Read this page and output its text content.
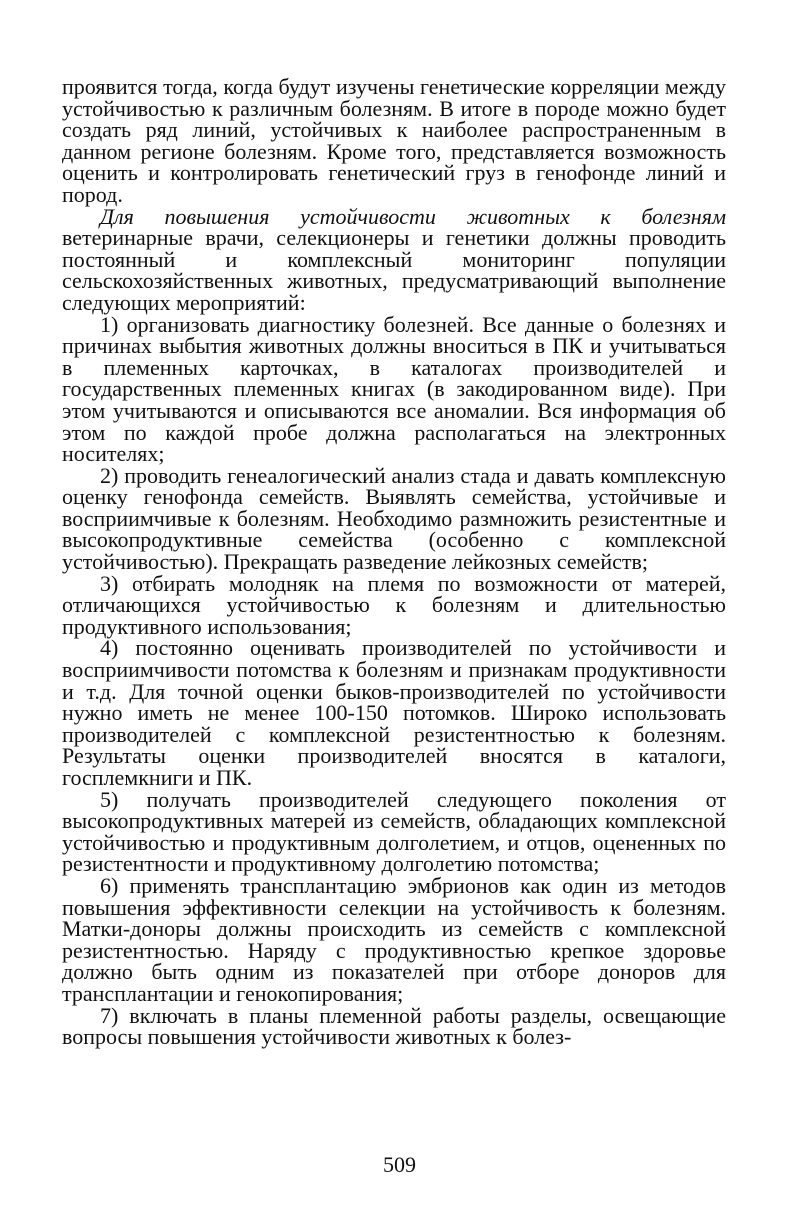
проявится тогда, когда будут изучены генетические корреляции между устойчивостью к различным болезням. В итоге в породе можно будет создать ряд линий, устойчивых к наиболее распространенным в данном регионе болезням. Кроме того, представляется возможность оценить и контролировать генетический груз в генофонде линий и пород.

Для повышения устойчивости животных к болезням ветеринарные врачи, селекционеры и генетики должны проводить постоянный и комплексный мониторинг популяции сельскохозяйственных животных, предусматривающий выполнение следующих мероприятий:

1) организовать диагностику болезней. Все данные о болезнях и причинах выбытия животных должны вноситься в ПК и учитываться в племенных карточках, в каталогах производителей и государственных племенных книгах (в закодированном виде). При этом учитываются и описываются все аномалии. Вся информация об этом по каждой пробе должна располагаться на электронных носителях;

2) проводить генеалогический анализ стада и давать комплексную оценку генофонда семейств. Выявлять семейства, устойчивые и восприимчивые к болезням. Необходимо размножить резистентные и высокопродуктивные семейства (особенно с комплексной устойчивостью). Прекращать разведение лейкозных семейств;

3) отбирать молодняк на племя по возможности от матерей, отличающихся устойчивостью к болезням и длительностью продуктивного использования;

4) постоянно оценивать производителей по устойчивости и восприимчивости потомства к болезням и признакам продуктивности и т.д. Для точной оценки быков-производителей по устойчивости нужно иметь не менее 100-150 потомков. Широко использовать производителей с комплексной резистентностью к болезням. Результаты оценки производителей вносятся в каталоги, госплемкниги и ПК.

5) получать производителей следующего поколения от высокопродуктивных матерей из семейств, обладающих комплексной устойчивостью и продуктивным долголетием, и отцов, оцененных по резистентности и продуктивному долголетию потомства;

6) применять трансплантацию эмбрионов как один из методов повышения эффективности селекции на устойчивость к болезням. Матки-доноры должны происходить из семейств с комплексной резистентностью. Наряду с продуктивностью крепкое здоровье должно быть одним из показателей при отборе доноров для трансплантации и генокопирования;

7) включать в планы племенной работы разделы, освещающие вопросы повышения устойчивости животных к болез-

509
